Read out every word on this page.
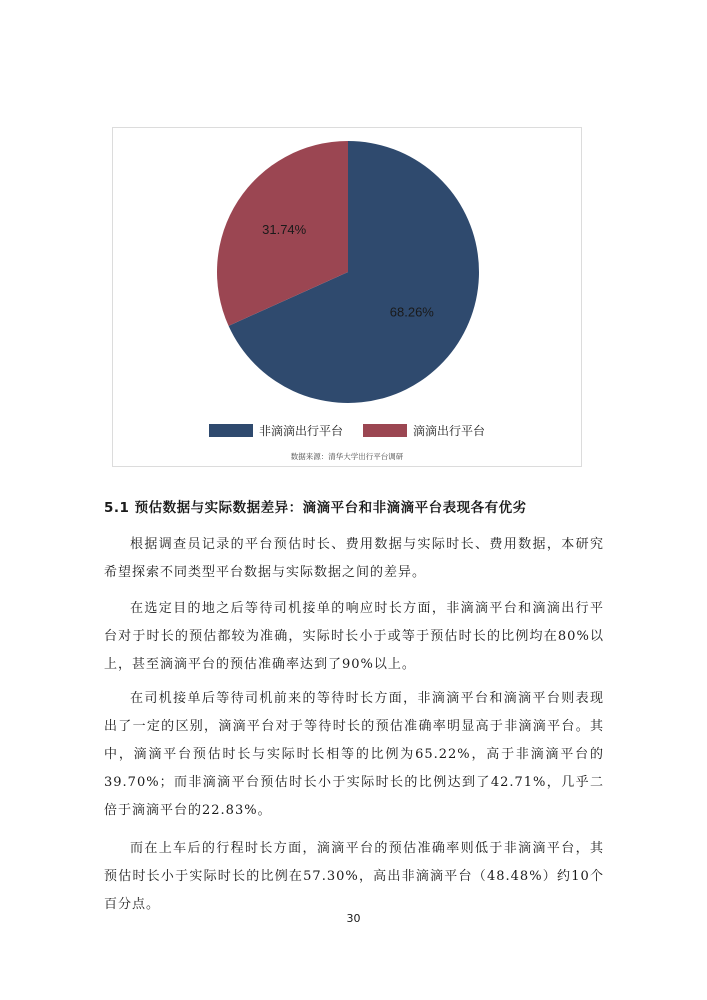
68.26%
31.74%
非滴滴出行平台	滴滴出行平台
数据来源：清华大学出行平台调研
5.1 预估数据与实际数据差异：滴滴平台和非滴滴平台表现各有优劣

根据调查员记录的平台预估时长、费用数据与实际时长、费用数据，本研究希望探索不同类型平台数据与实际数据之间的差异。

在选定目的地之后等待司机接单的响应时长方面，非滴滴平台和滴滴出行平台对于时长的预估都较为准确，实际时长小于或等于预估时长的比例均在80%以上，甚至滴滴平台的预估准确率达到了90%以上。

在司机接单后等待司机前来的等待时长方面，非滴滴平台和滴滴平台则表现出了一定的区别，滴滴平台对于等待时长的预估准确率明显高于非滴滴平台。其中，滴滴平台预估时长与实际时长相等的比例为65.22%，高于非滴滴平台的39.70%；而非滴滴平台预估时长小于实际时长的比例达到了42.71%，几乎二倍于滴滴平台的22.83%。

而在上车后的行程时长方面，滴滴平台的预估准确率则低于非滴滴平台，其预估时长小于实际时长的比例在57.30%，高出非滴滴平台（48.48%）约10个百分点。

30
